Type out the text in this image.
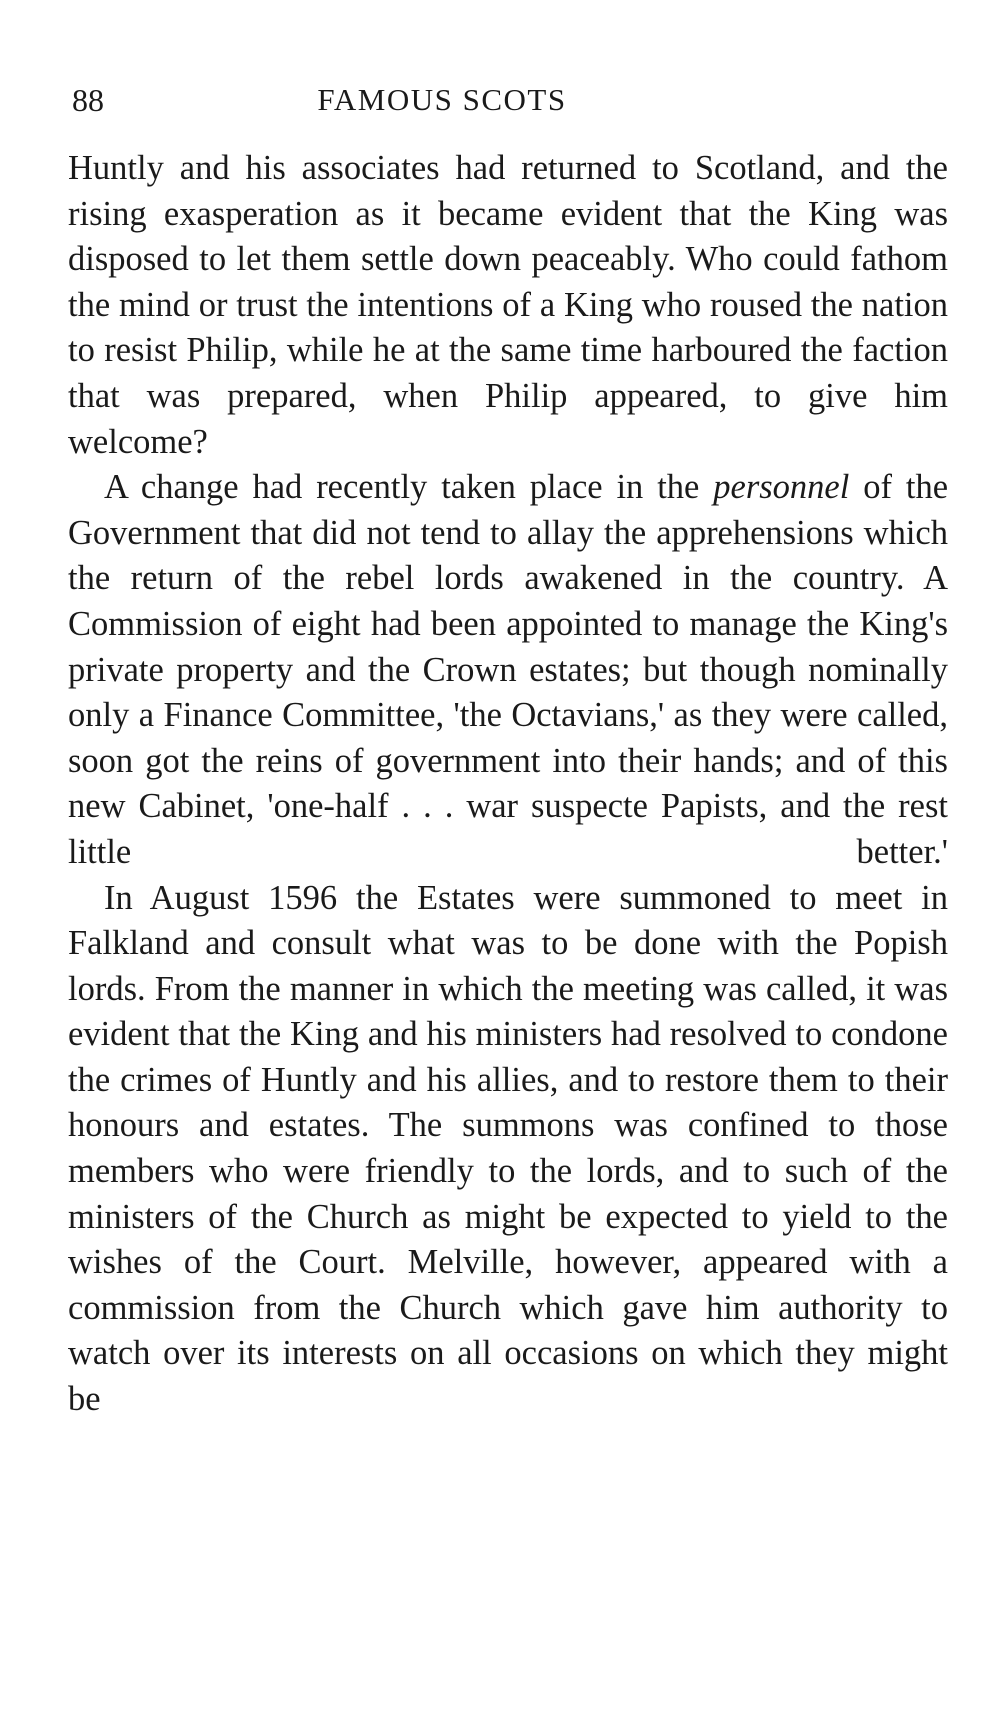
88	FAMOUS SCOTS

Huntly and his associates had returned to Scotland, and the rising exasperation as it became evident that the King was disposed to let them settle down peaceably. Who could fathom the mind or trust the intentions of a King who roused the nation to resist Philip, while he at the same time harboured the faction that was prepared, when Philip appeared, to give him welcome?

A change had recently taken place in the personnel of the Government that did not tend to allay the apprehensions which the return of the rebel lords awakened in the country. A Commission of eight had been appointed to manage the King's private property and the Crown estates; but though nominally only a Finance Committee, 'the Octavians,' as they were called, soon got the reins of government into their hands; and of this new Cabinet, 'one-half . . . war suspecte Papists, and the rest little better.'

In August 1596 the Estates were summoned to meet in Falkland and consult what was to be done with the Popish lords. From the manner in which the meeting was called, it was evident that the King and his ministers had resolved to condone the crimes of Huntly and his allies, and to restore them to their honours and estates. The summons was confined to those members who were friendly to the lords, and to such of the ministers of the Church as might be expected to yield to the wishes of the Court. Melville, however, appeared with a commission from the Church which gave him authority to watch over its interests on all occasions on which they might be
